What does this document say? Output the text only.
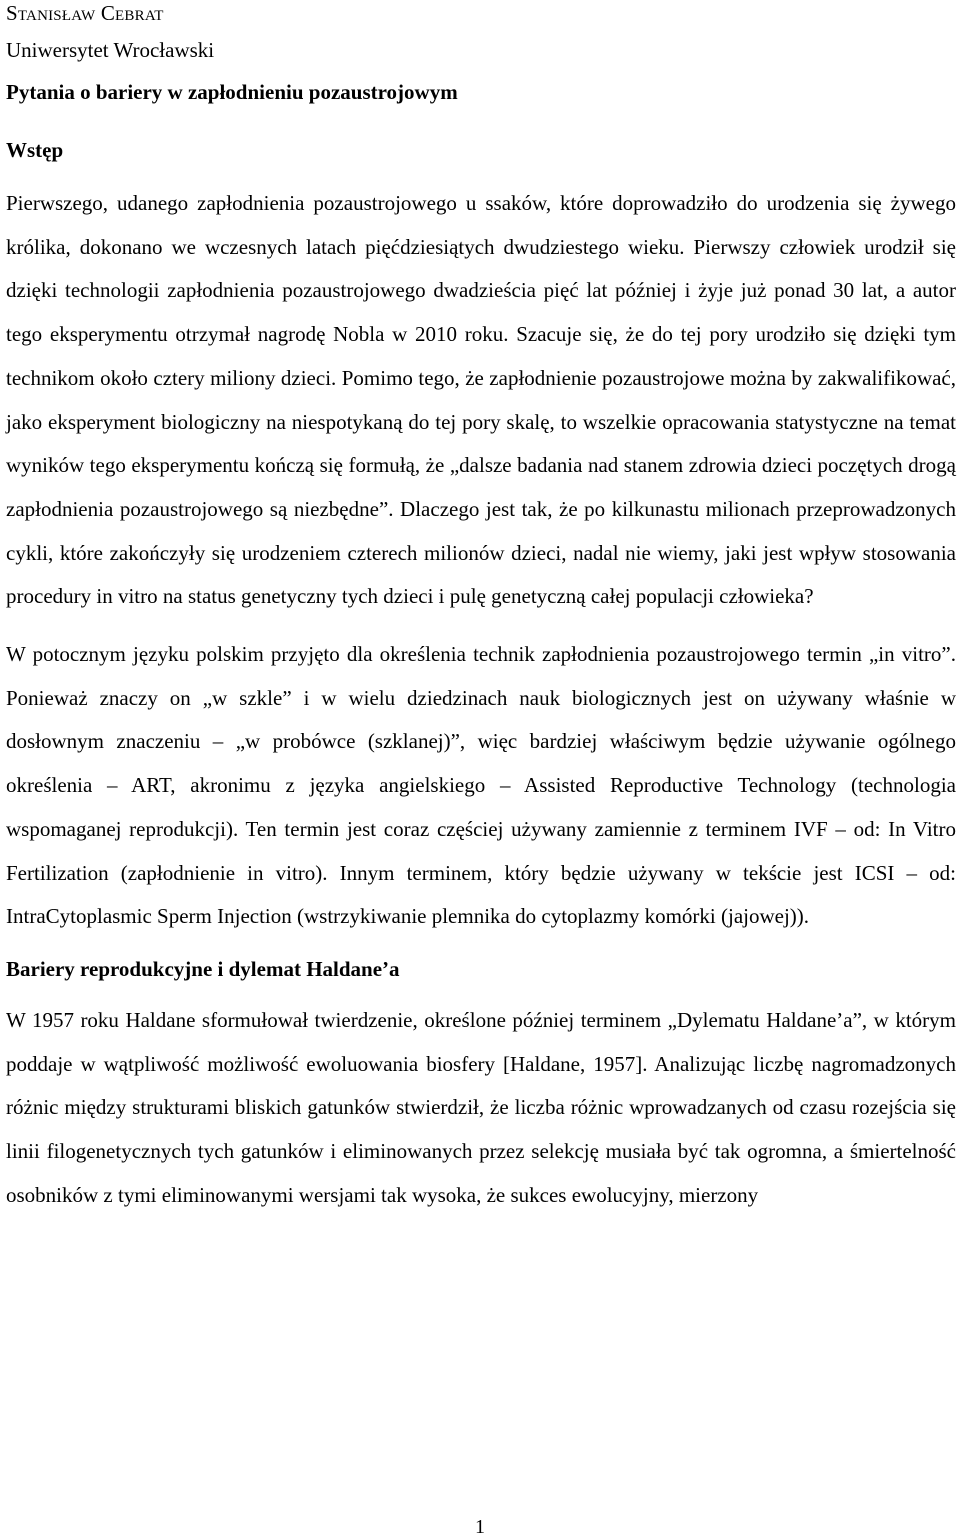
Stanisław Cebrat

Uniwersytet Wrocławski

Pytania o bariery w zapłodnieniu pozaustrojowym

Wstęp

Pierwszego, udanego zapłodnienia pozaustrojowego u ssaków, które doprowadziło do urodzenia się żywego królika, dokonano we wczesnych latach pięćdziesiątych dwudziestego wieku. Pierwszy człowiek urodził się dzięki technologii zapłodnienia pozaustrojowego dwadzieścia pięć lat później i żyje już ponad 30 lat, a autor tego eksperymentu otrzymał nagrodę Nobla w 2010 roku. Szacuje się, że do tej pory urodziło się dzięki tym technikom około cztery miliony dzieci. Pomimo tego, że zapłodnienie pozaustrojowe można by zakwalifikować, jako eksperyment biologiczny na niespotykaną do tej pory skalę, to wszelkie opracowania statystyczne na temat wyników tego eksperymentu kończą się formułą, że „dalsze badania nad stanem zdrowia dzieci poczętych drogą zapłodnienia pozaustrojowego są niezbędne”. Dlaczego jest tak, że po kilkunastu milionach przeprowadzonych cykli, które zakończyły się urodzeniem czterech milionów dzieci, nadal nie wiemy, jaki jest wpływ stosowania procedury in vitro na status genetyczny tych dzieci i pulę genetyczną całej populacji człowieka?

W potocznym języku polskim przyjęto dla określenia technik zapłodnienia pozaustrojowego termin „in vitro”. Ponieważ znaczy on „w szkle” i w wielu dziedzinach nauk biologicznych jest on używany właśnie w dosłownym znaczeniu – „w probówce (szklanej)”, więc bardziej właściwym będzie używanie ogólnego określenia – ART, akronimu z języka angielskiego – Assisted Reproductive Technology (technologia wspomaganej reprodukcji). Ten termin jest coraz częściej używany zamiennie z terminem IVF – od: In Vitro Fertilization (zapłodnienie in vitro). Innym terminem, który będzie używany w tekście jest ICSI – od: IntraCytoplasmic Sperm Injection (wstrzykiwanie plemnika do cytoplazmy komórki (jajowej)).

Bariery reprodukcyjne i dylemat Haldane’a

W 1957 roku Haldane sformułował twierdzenie, określone później terminem „Dylematu Haldane’a”, w którym poddaje w wątpliwość możliwość ewoluowania biosfery [Haldane, 1957]. Analizując liczbę nagromadzonych różnic między strukturami bliskich gatunków stwierdził, że liczba różnic wprowadzanych od czasu rozejścia się linii filogenetycznych tych gatunków i eliminowanych przez selekcję musiała być tak ogromna, a śmiertelność osobników z tymi eliminowanymi wersjami tak wysoka, że sukces ewolucyjny, mierzony

1
